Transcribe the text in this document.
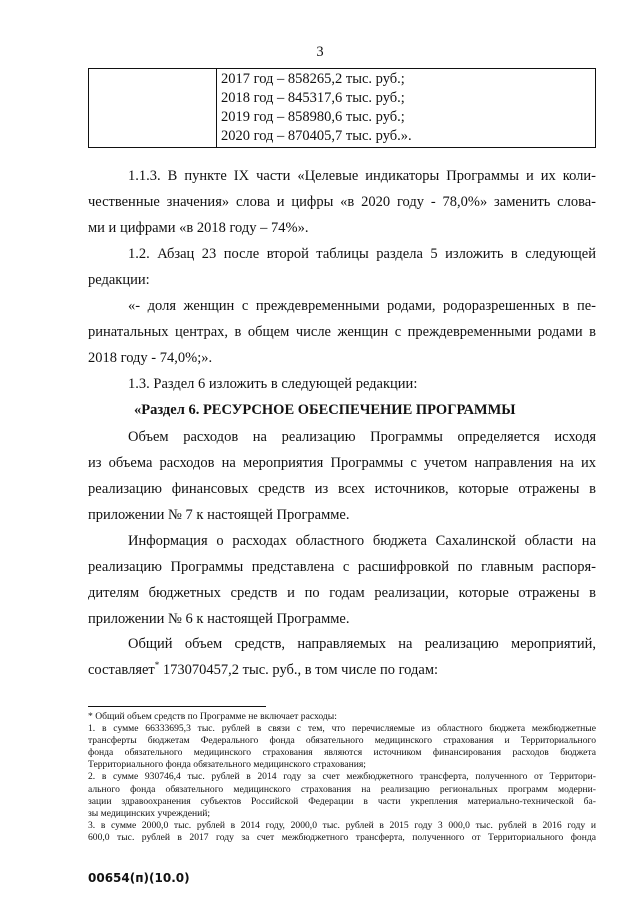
3
2017 год – 858265,2 тыс. руб.;
2018 год – 845317,6 тыс. руб.;
2019 год – 858980,6 тыс. руб.;
2020 год – 870405,7 тыс. руб.».
1.1.3. В пункте IX части «Целевые индикаторы Программы и их коли-
чественные значения» слова и цифры «в 2020 году - 78,0%» заменить слова-
ми и цифрами «в 2018 году – 74%».
1.2. Абзац 23 после второй таблицы раздела 5 изложить в следующей
редакции:
«- доля женщин с преждевременными родами, родоразрешенных в пе-
ринатальных центрах, в общем числе женщин с преждевременными родами в
2018 году - 74,0%;».
1.3. Раздел 6 изложить в следующей редакции:

«Раздел 6. РЕСУРСНОЕ ОБЕСПЕЧЕНИЕ ПРОГРАММЫ

Объем расходов на реализацию Программы определяется исходя
из объема расходов на мероприятия Программы с учетом направления на их
реализацию финансовых средств из всех источников, которые отражены в
приложении № 7 к настоящей Программе.
Информация о расходах областного бюджета Сахалинской области на
реализацию Программы представлена с расшифровкой по главным распоря-
дителям бюджетных средств и по годам реализации, которые отражены в
приложении № 6 к настоящей Программе.
Общий объем средств, направляемых на реализацию мероприятий,
составляет* 173070457,2 тыс. руб., в том числе по годам:

* Общий объем средств по Программе не включает расходы:

1. в сумме 66333695,3 тыс. рублей в связи с тем, что перечисляемые из областного бюджета межбюджетные

трансферты бюджетам Федерального фонда обязательного медицинского страхования и Территориального

фонда обязательного медицинского страхования являются источником финансирования расходов бюджета

Территориального фонда обязательного медицинского страхования;

2. в сумме 930746,4 тыс. рублей в 2014 году за счет межбюджетного трансферта, полученного от Территори-

ального фонда обязательного медицинского страхования на реализацию региональных программ модерни-

зации здравоохранения субъектов Российской Федерации в части укрепления материально-технической ба-

зы медицинских учреждений;

3. в сумме 2000,0 тыс. рублей в 2014 году, 2000,0 тыс. рублей в 2015 году 3 000,0 тыс. рублей в 2016 году и

600,0 тыс. рублей в 2017 году за счет межбюджетного трансферта, полученного от Территориального фонда

00654(п)(10.0)
